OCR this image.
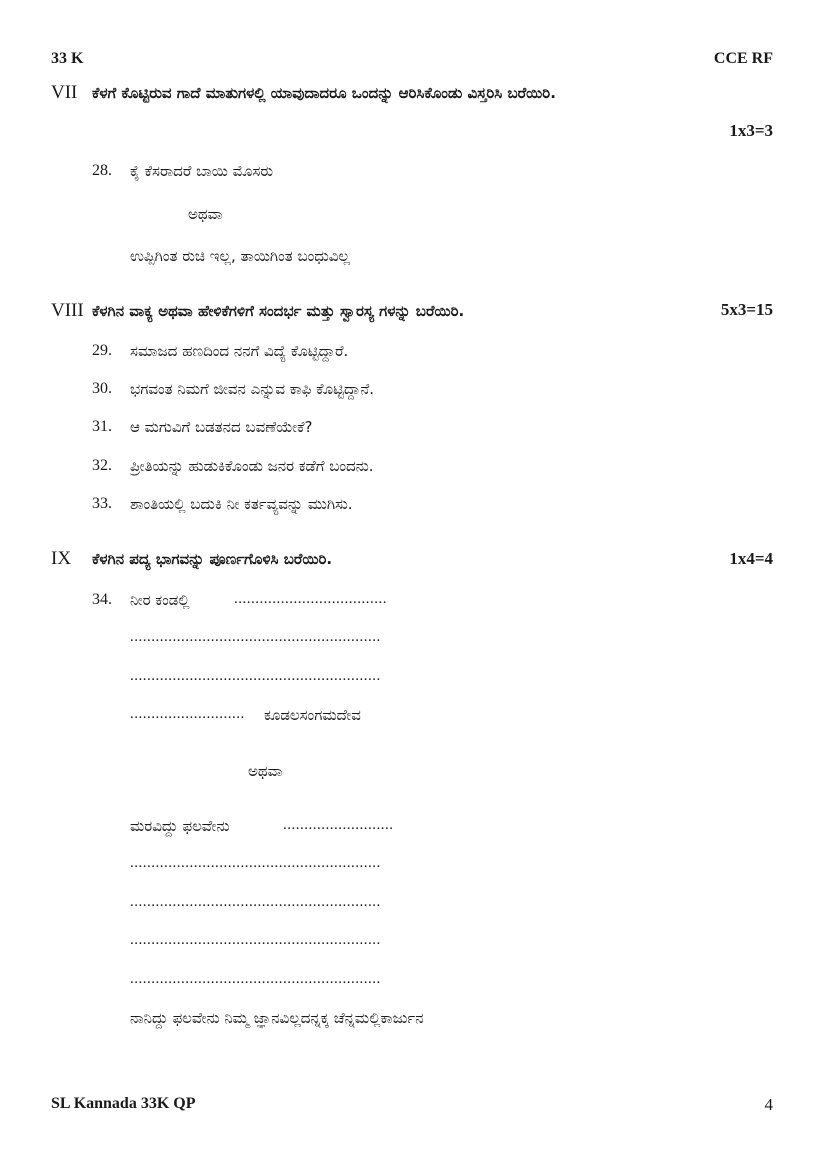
33 K	CCE RF
VII ಕೆಳಗೆ ಕೊಟ್ಟಿರುವ ಗಾದೆ ಮಾತುಗಳಲ್ಲಿ ಯಾವುದಾದರೂ ಒಂದನ್ನು ಆರಿಸಿಕೊಂಡು ವಿಸ್ತರಿಸಿ ಬರೆಯಿರಿ.
1x3=3
28. ಕೈ ಕೆಸರಾದರೆ ಬಾಯಿ ಮೊಸರು
ಅಥವಾ
ಉಪ್ಪಿಗಿಂತ ರುಚಿ ಇಲ್ಲ, ತಾಯಿಗಿಂತ ಬಂಧುವಿಲ್ಲ
VIII ಕೆಳಗಿನ ವಾಕ್ಯ ಅಥವಾ ಹೇಳಿಕೆಗಳಿಗೆ ಸಂದರ್ಭ ಮತ್ತು ಸ್ವಾರಸ್ಯ ಗಳನ್ನು ಬರೆಯಿರಿ.	5x3=15
29. ಸಮಾಜದ ಹಣದಿಂದ ನನಗೆ ವಿದ್ಯೆ ಕೊಟ್ಟಿದ್ದಾರೆ.
30. ಭಗವಂತ ನಿಮಗೆ ಜೀವನ ಎನ್ನುವ ಕಾಫಿ ಕೊಟ್ಟಿದ್ದಾನೆ.
31. ಆ ಮಗುವಿಗೆ ಬಡತನದ ಬವಣೆಯೇಕೆ?
32. ಪ್ರೀತಿಯನ್ನು ಹುಡುಕಿಕೊಂಡು ಜನರ ಕಡೆಗೆ ಬಂದನು.
33. ಶಾಂತಿಯಲ್ಲಿ ಬದುಕಿ ನೀ ಕರ್ತವ್ಯವನ್ನು ಮುಗಿಸು.
IX ಕೆಳಗಿನ ಪದ್ಯ ಭಾಗವನ್ನು ಪೂರ್ಣಗೊಳಿಸಿ ಬರೆಯಿರಿ.	1x4=4
34. ನೀರ ಕಂಡಲ್ಲಿ	....................................
...........................................................
...........................................................
........................... ಕೂಡಲಸಂಗಮದೇವ
ಅಥವಾ
ಮರವಿದ್ದು ಫಲವೇನು	..........................
...........................................................
...........................................................
...........................................................
...........................................................
ನಾನಿದ್ದು ಫಲವೇನು ನಿಮ್ಮ ಜ್ಞಾನವಿಲ್ಲದನ್ನಕ್ಕ ಚೆನ್ನಮಲ್ಲಿಕಾರ್ಜುನ
SL Kannada 33K QP	4
